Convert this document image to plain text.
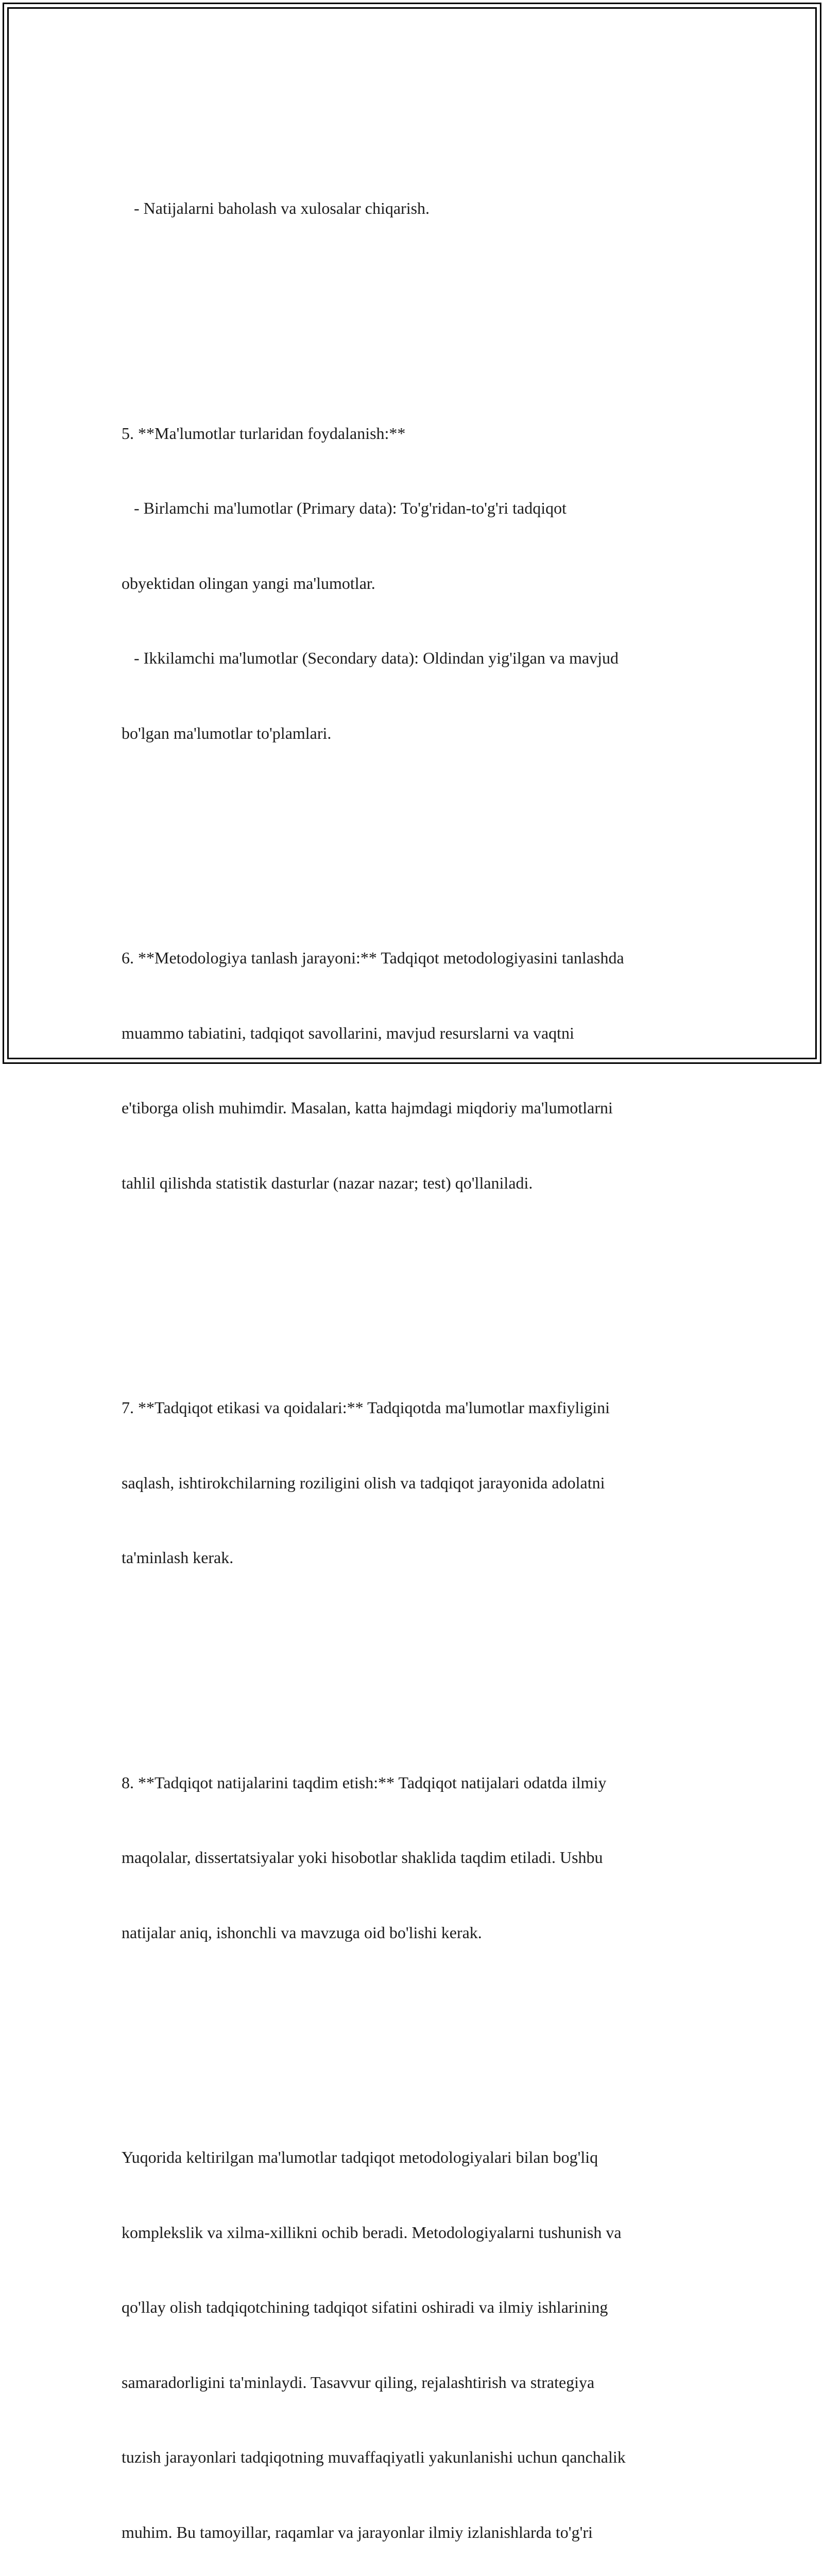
- Natijalarni baholash va xulosalar chiqarish.

5. **Ma'lumotlar turlaridan foydalanish:**

- Birlamchi ma'lumotlar (Primary data): To'g'ridan-to'g'ri tadqiqot

obyektidan olingan yangi ma'lumotlar.

- Ikkilamchi ma'lumotlar (Secondary data): Oldindan yig'ilgan va mavjud

bo'lgan ma'lumotlar to'plamlari.

6. **Metodologiya tanlash jarayoni:** Tadqiqot metodologiyasini tanlashda

muammo tabiatini, tadqiqot savollarini, mavjud resurslarni va vaqtni

e'tiborga olish muhimdir. Masalan, katta hajmdagi miqdoriy ma'lumotlarni

tahlil qilishda statistik dasturlar (nazar nazar; test) qo'llaniladi.

7. **Tadqiqot etikasi va qoidalari:** Tadqiqotda ma'lumotlar maxfiyligini

saqlash, ishtirokchilarning roziligini olish va tadqiqot jarayonida adolatni

ta'minlash kerak.

8. **Tadqiqot natijalarini taqdim etish:** Tadqiqot natijalari odatda ilmiy

maqolalar, dissertatsiyalar yoki hisobotlar shaklida taqdim etiladi. Ushbu

natijalar aniq, ishonchli va mavzuga oid bo'lishi kerak.

Yuqorida keltirilgan ma'lumotlar tadqiqot metodologiyalari bilan bog'liq

komplekslik va xilma-xillikni ochib beradi. Metodologiyalarni tushunish va

qo'llay olish tadqiqotchining tadqiqot sifatini oshiradi va ilmiy ishlarining

samaradorligini ta'minlaydi. Tasavvur qiling, rejalashtirish va strategiya

tuzish jarayonlari tadqiqotning muvaffaqiyatli yakunlanishi uchun qanchalik

muhim. Bu tamoyillar, raqamlar va jarayonlar ilmiy izlanishlarda to'g'ri
